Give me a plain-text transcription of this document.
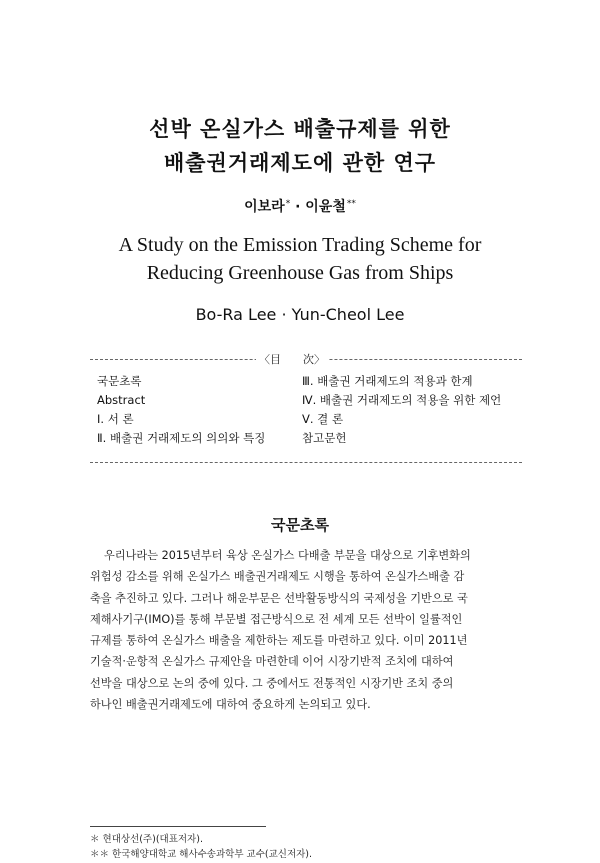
선박 온실가스 배출규제를 위한
배출권거래제도에 관한 연구
이보라* · 이윤철**
A Study on the Emission Trading Scheme for
Reducing Greenhouse Gas from Ships
Bo-Ra Lee · Yun-Cheol Lee
〈目　　次〉
국문초록
Abstract
Ⅰ. 서 론
Ⅱ. 배출권 거래제도의 의의와 특징
Ⅲ. 배출권 거래제도의 적용과 한계
Ⅳ. 배출권 거래제도의 적용을 위한 제언
Ⅴ. 결 론
참고문헌
국문초록
우리나라는 2015년부터 육상 온실가스 다배출 부문을 대상으로 기후변화의
위험성 감소를 위해 온실가스 배출권거래제도 시행을 통하여 온실가스배출 감
축을 추진하고 있다. 그러나 해운부문은 선박활동방식의 국제성을 기반으로 국
제해사기구(IMO)를 통해 부문별 접근방식으로 전 세계 모든 선박이 일률적인
규제를 통하여 온실가스 배출을 제한하는 제도를 마련하고 있다. 이미 2011년
기술적·운항적 온실가스 규제안을 마련한데 이어 시장기반적 조치에 대하여
선박을 대상으로 논의 중에 있다. 그 중에서도 전통적인 시장기반 조치 중의
하나인 배출권거래제도에 대하여 중요하게 논의되고 있다.
＊ 현대상선(주)(대표저자).
＊＊ 한국해양대학교 해사수송과학부 교수(교신저자).
